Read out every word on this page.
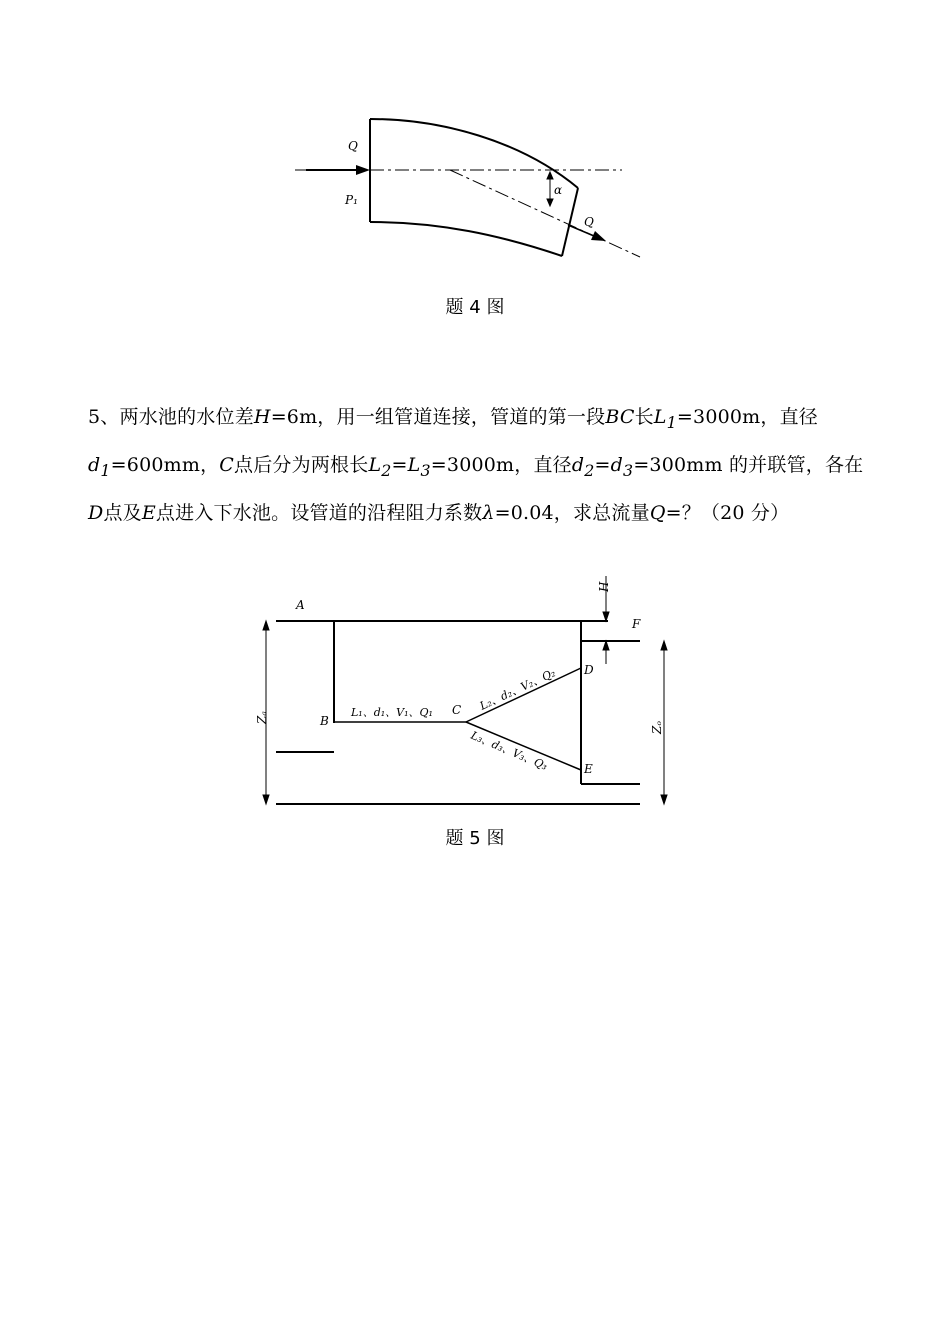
Q
P₁
α
Q
题 4 图

5、两水池的水位差H=6m，用一组管道连接，管道的第一段BC长$L_1=3000m$，直径

$d_1=600mm$，C点后分为两根长$L_2=L_3=3000m$，直径$d_2=d_3=300mm$ 的并联管，各在

D点及E点进入下水池。设管道的沿程阻力系数λ=0.04，求总流量Q=？（20 分）

A
B
C
D
E
F
H
Zₐ
Zₒ
L₁、d₁、V₁、Q₁	L₂、d₂、V₂、Q₂
L₃、d₃、V₃、Q₃
题 5 图
